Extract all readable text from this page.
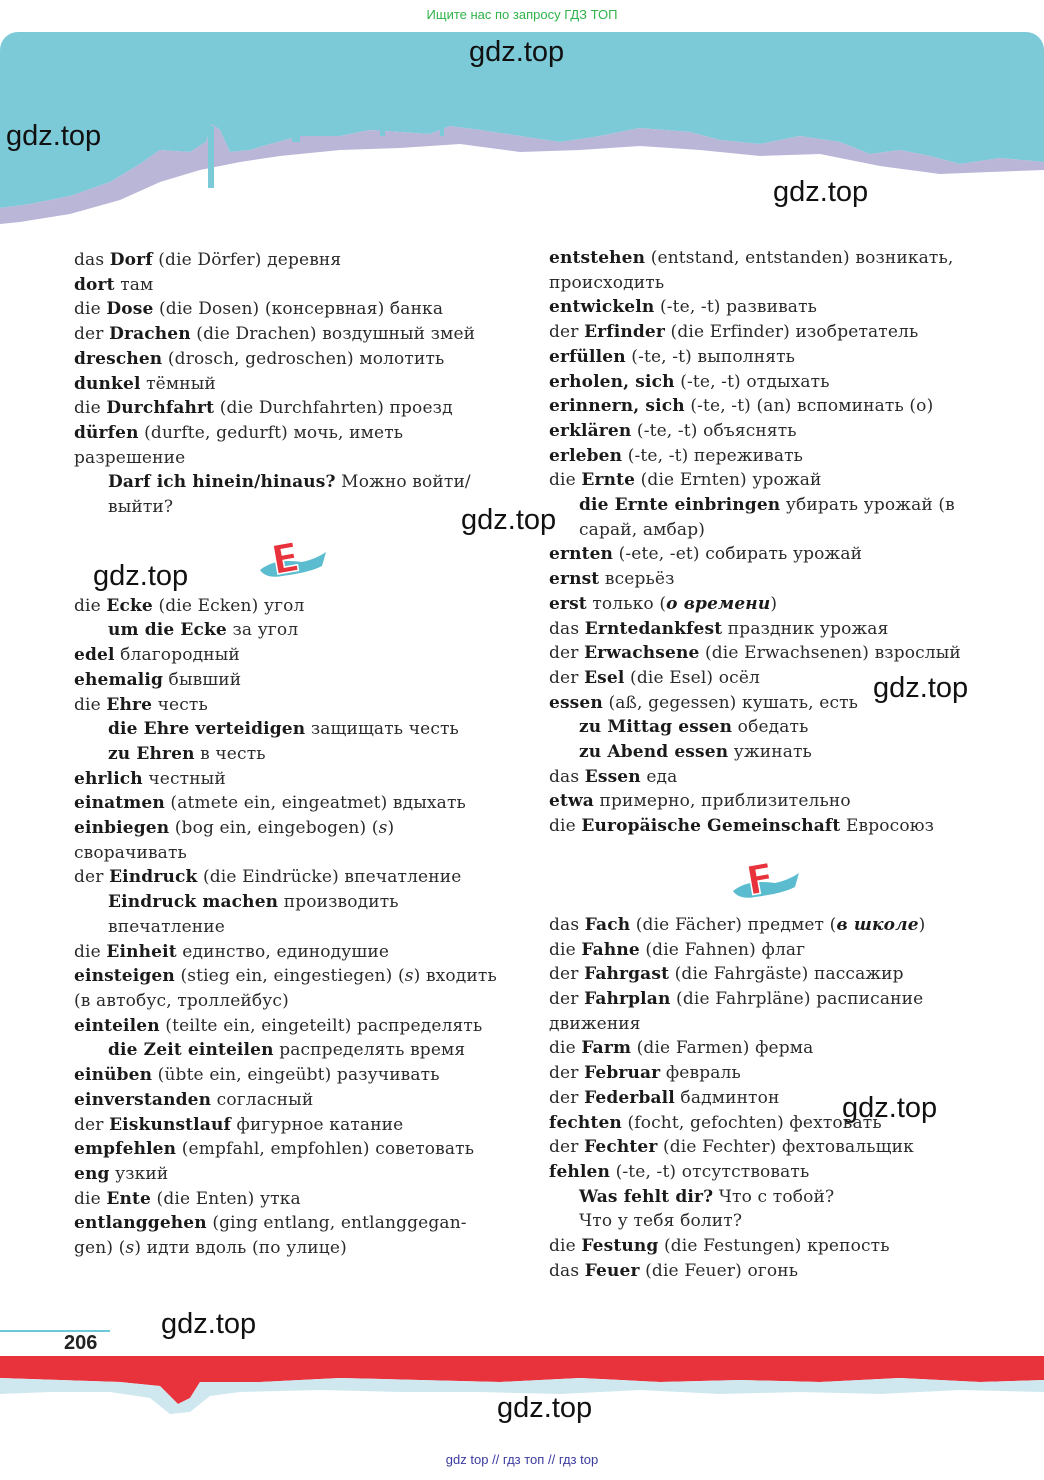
Ищите нас по запросу ГДЗ ТОП
gdz.top
gdz.top
gdz.top
gdz.top
gdz.top
gdz.top
gdz.top
gdz.top
gdz.top
das Dorf (die Dörfer) деревня
dort там
die Dose (die Dosen) (консервная) банка
der Drachen (die Drachen) воздушный змей
dreschen (drosch, gedroschen) молотить
dunkel тёмный
die Durchfahrt (die Durchfahrten) проезд
dürfen (durfte, gedurft) мочь, иметь разрешение
Darf ich hinein/hinaus? Можно войти/выйти?
E
die Ecke (die Ecken) угол
um die Ecke за угол
edel благородный
ehemalig бывший
die Ehre честь
die Ehre verteidigen защищать честь
zu Ehren в честь
ehrlich честный
einatmen (atmete ein, eingeatmet) вдыхать
einbiegen (bog ein, eingebogen) (s) сворачивать
der Eindruck (die Eindrücke) впечатление
Eindruck machen производить впечатление
die Einheit единство, единодушие
einsteigen (stieg ein, eingestiegen) (s) входить (в автобус, троллейбус)
einteilen (teilte ein, eingeteilt) распределять
die Zeit einteilen распределять время
einüben (übte ein, eingeübt) разучивать
einverstanden согласный
der Eiskunstlauf фигурное катание
empfehlen (empfahl, empfohlen) советовать
eng узкий
die Ente (die Enten) утка
entlanggehen (ging entlang, entlanggegan-
gen) (s) идти вдоль (по улице)
entstehen (entstand, entstanden) возникать, происходить
entwickeln (-te, -t) развивать
der Erfinder (die Erfinder) изобретатель
erfüllen (-te, -t) выполнять
erholen, sich (-te, -t) отдыхать
erinnern, sich (-te, -t) (an) вспоминать (о)
erklären (-te, -t) объяснять
erleben (-te, -t) переживать
die Ernte (die Ernten) урожай
die Ernte einbringen убирать урожай (в сарай, амбар)
ernten (-ete, -et) собирать урожай
ernst всерьёз
erst только (о времени)
das Erntedankfest праздник урожая
der Erwachsene (die Erwachsenen) взрослый
der Esel (die Esel) осёл
essen (aß, gegessen) кушать, есть
zu Mittag essen обедать
zu Abend essen ужинать
das Essen еда
etwa примерно, приблизительно
die Europäische Gemeinschaft Евросоюз
F
das Fach (die Fächer) предмет (в школе)
die Fahne (die Fahnen) флаг
der Fahrgast (die Fahrgäste) пассажир
der Fahrplan (die Fahrpläne) расписание движения
die Farm (die Farmen) ферма
der Februar февраль
der Federball бадминтон
fechten (focht, gefochten) фехтовать
der Fechter (die Fechter) фехтовальщик
fehlen (-te, -t) отсутствовать
Was fehlt dir? Что с тобой? Что у тебя болит?
die Festung (die Festungen) крепость
das Feuer (die Feuer) огонь
206
gdz top // гдз топ // гдз top
